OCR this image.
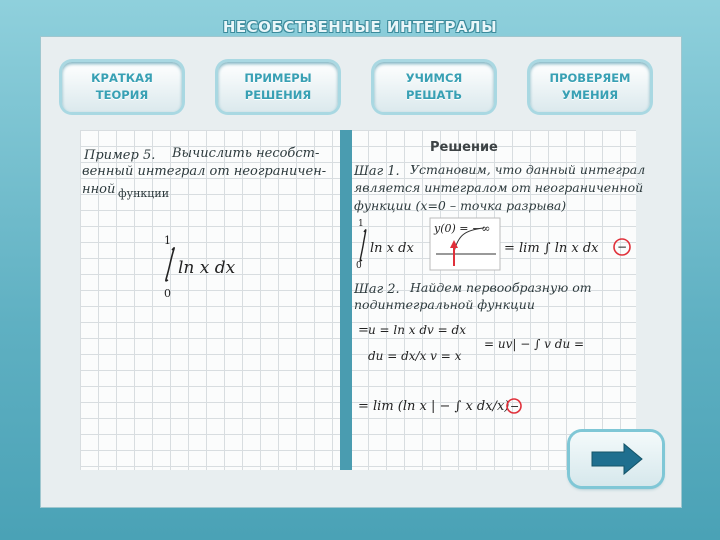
НЕСОБСТВЕННЫЕ ИНТЕГРАЛЫ
КРАТКАЯ
ТЕОРИЯ
ПРИМЕРЫ
РЕШЕНИЯ
УЧИМСЯ
РЕШАТЬ
ПРОВЕРЯЕМ
УМЕНИЯ
Пример 5. Вычислить несобст-
венный интеграл от неограничен-
нной функции
1
0
ln x dx
Решение
Шаг 1. Установим, что данный интеграл
является интегралом от неограниченной
функции (x=0 – точка разрыва)
1
0
ln x dx
y(0) = −∞
= lim ∫ ln x dx −
Шаг 2. Найдем первообразную от
подинтегральной функции
= u = ln x dv = dx
du = dx/x v = x
= uv| − ∫ v du =
= lim (ln x | − ∫ x dx/x) −
